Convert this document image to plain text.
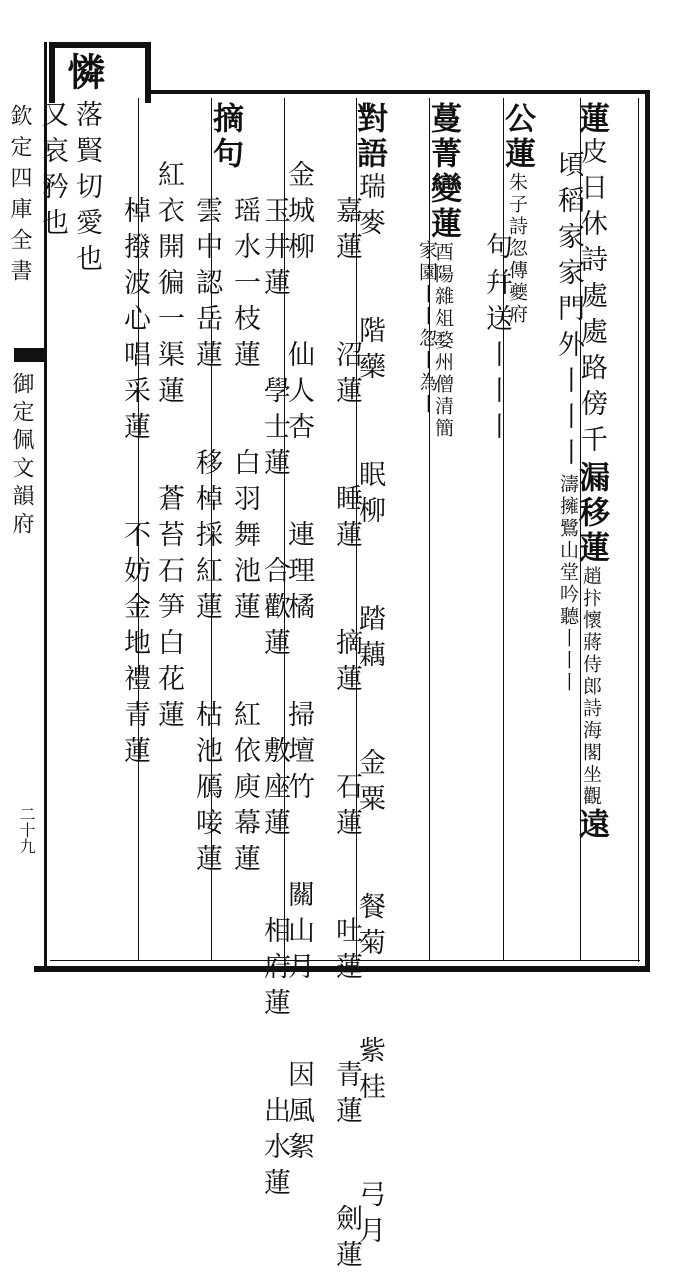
欽定四庫全書
御定佩文韻府
二十九
憐
蓮皮日休詩處處路傍千漏移蓮趙抃懷蔣侍郎詩海閣坐觀遠
頃稻家家門外丨丨丨濤擁鷺山堂吟聽丨丨丨
公蓮朱子詩忽傳夔府
句幷送丨丨丨
蔓菁變蓮酉陽雜俎婺州僧清簡
家園丨丨忽丨為丨
對語瑞麥　　階藥　　眠柳　　踏藕　　金粟　　餐菊　　紫桂　　弓月
嘉蓮　　沼蓮　　睡蓮　　摘蓮　　石蓮　　吐蓮　　青蓮　　劍蓮
金城柳　　仙人杏　　連理橘　　掃壇竹　　關山月　　因風絮
玉井蓮　　學士蓮　　合歡蓮　　敷座蓮　　相府蓮　　出水蓮
摘句
瑶水一枝蓮　　白羽舞池蓮　　紅依庾幕蓮
雲中認岳蓮　　移棹採紅蓮　　枯池鴈唼蓮
紅衣開徧一渠蓮　　蒼苔石笋白花蓮
棹撥波心唱采蓮　　不妨金地禮青蓮
落賢切愛也
又哀矜也
